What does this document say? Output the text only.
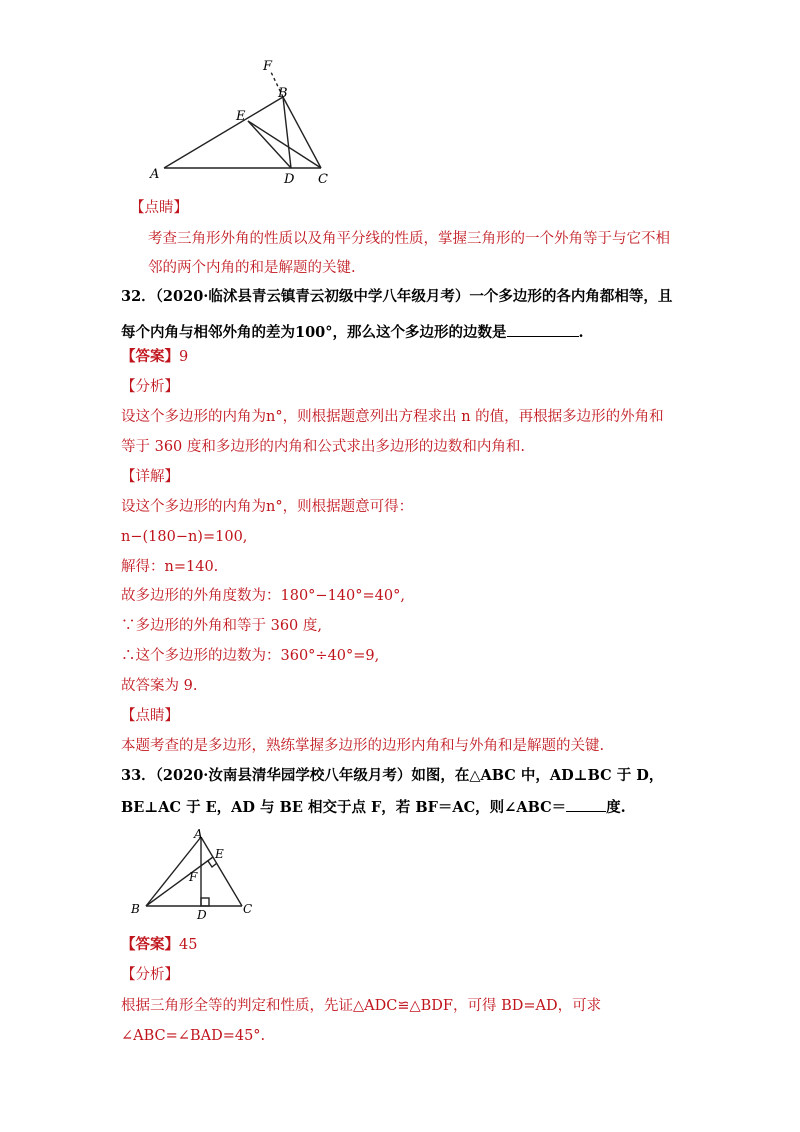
F
B
E
A	D C
【点睛】
考查三角形外角的性质以及角平分线的性质，掌握三角形的一个外角等于与它不相
邻的两个内角的和是解题的关键.
32．（2020·临沭县青云镇青云初级中学八年级月考）一个多边形的各内角都相等，且
每个内角与相邻外角的差为100°，那么这个多边形的边数是	.
【答案】9
【分析】
设这个多边形的内角为n°，则根据题意列出方程求出 n 的值，再根据多边形的外角和
等于 360 度和多边形的内角和公式求出多边形的边数和内角和.
【详解】
设这个多边形的内角为n°，则根据题意可得：
n−(180−n)=100,
解得：n=140.
故多边形的外角度数为：180°−140°=40°,
∵多边形的外角和等于 360 度,
∴这个多边形的边数为：360°÷40°=9,
故答案为 9.
【点睛】
本题考查的是多边形，熟练掌握多边形的边形内角和与外角和是解题的关键.
33．（2020·汝南县清华园学校八年级月考）如图，在△ABC 中，AD⊥BC 于 D，
BE⊥AC 于 E，AD 与 BE 相交于点 F，若 BF＝AC，则∠ABC＝	度.
A
E
F
B	D	C
【答案】45
【分析】
根据三角形全等的判定和性质，先证△ADC≌△BDF，可得 BD=AD，可求
∠ABC=∠BAD=45°.
